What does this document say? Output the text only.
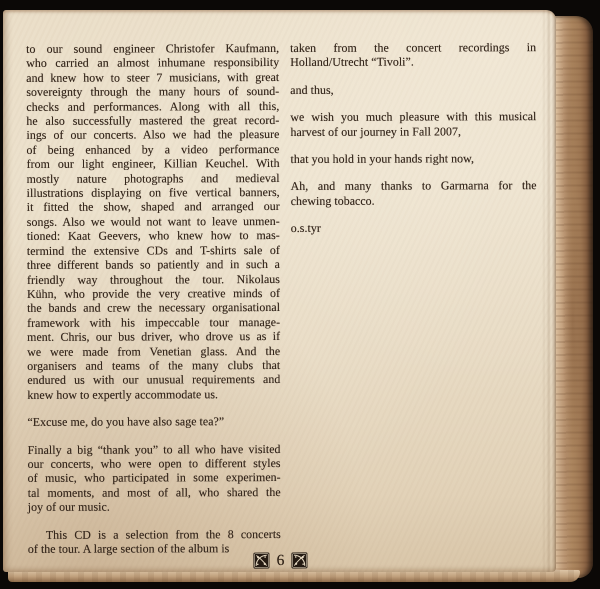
to our sound engineer Christofer Kaufmann,
who carried an almost inhumane responsibility
and knew how to steer 7 musicians, with great
sovereignty through the many hours of sound-
checks and performances. Along with all this,
he also successfully mastered the great record-
ings of our concerts. Also we had the pleasure
of being enhanced by a video performance
from our light engineer, Killian Keuchel. With
mostly nature photographs and medieval
illustrations displaying on five vertical banners,
it fitted the show, shaped and arranged our
songs. Also we would not want to leave unmen-
tioned: Kaat Geevers, who knew how to mas-
termind the extensive CDs and T-shirts sale of
three different bands so patiently and in such a
friendly way throughout the tour. Nikolaus
Kühn, who provide the very creative minds of
the bands and crew the necessary organisational
framework with his impeccable tour manage-
ment. Chris, our bus driver, who drove us as if
we were made from Venetian glass. And the
organisers and teams of the many clubs that
endured us with our unusual requirements and
knew how to expertly accommodate us.
“Excuse me, do you have also sage tea?”
Finally a big “thank you” to all who have visited
our concerts, who were open to different styles
of music, who participated in some experimen-
tal moments, and most of all, who shared the
joy of our music.
This CD is a selection from the 8 concerts
of the tour. A large section of the album is
taken from the concert recordings in
Holland/Utrecht “Tivoli”.
and thus,
we wish you much pleasure with this musical
harvest of our journey in Fall 2007,
that you hold in your hands right now,
Ah, and many thanks to Garmarna for the
chewing tobacco.
o.s.tyr
6
